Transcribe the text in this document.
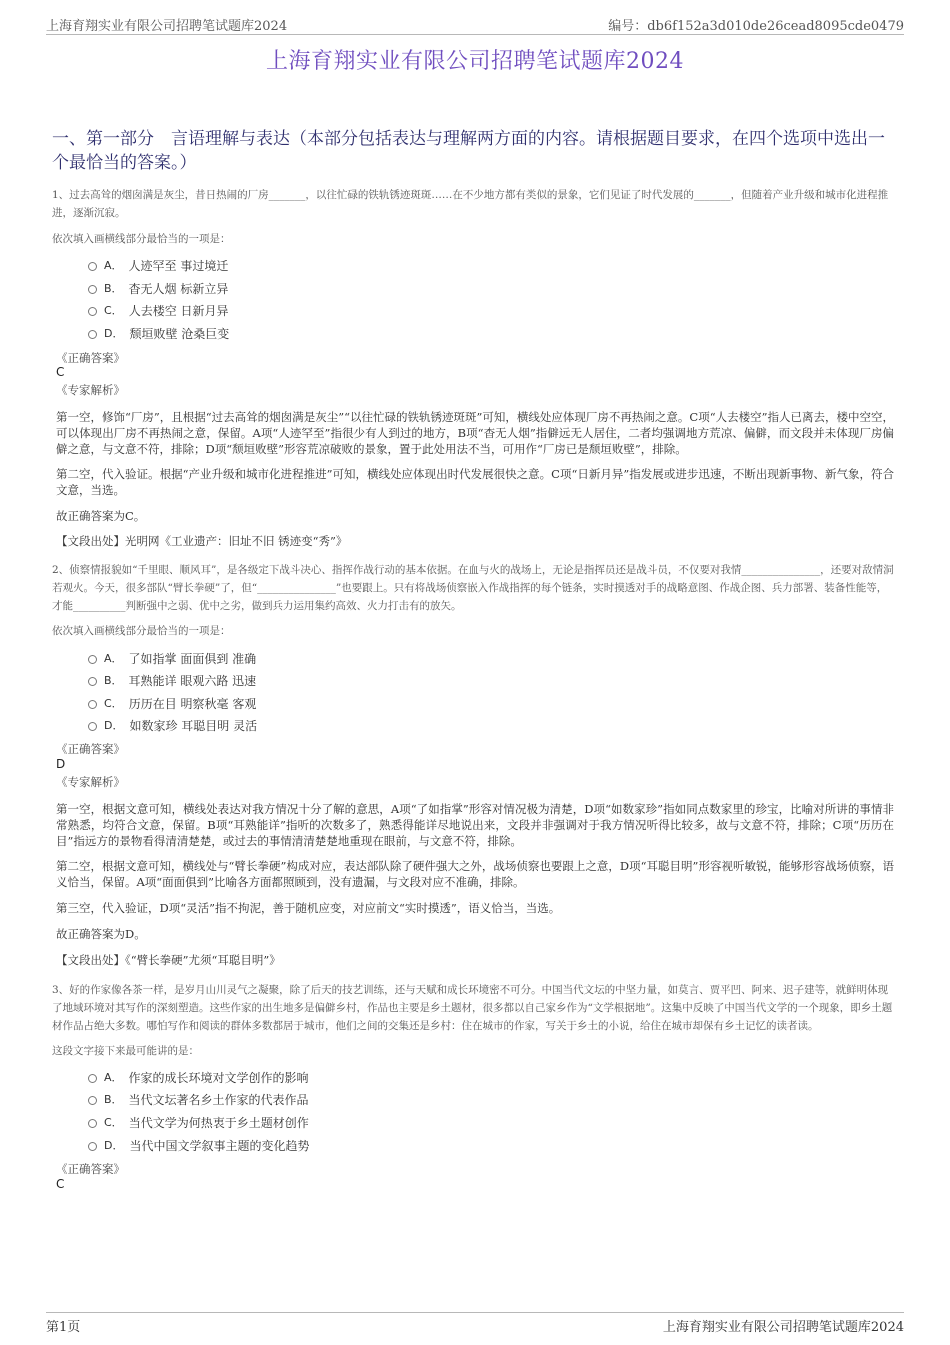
上海育翔实业有限公司招聘笔试题库2024	编号：db6f152a3d010de26cead8095cde0479
上海育翔实业有限公司招聘笔试题库2024
一、第一部分　言语理解与表达（本部分包括表达与理解两方面的内容。请根据题目要求，在四个选项中选出一个最恰当的答案。）

1、过去高耸的烟囱满是灰尘，昔日热闹的厂房_______，以往忙碌的铁轨锈迹斑斑……在不少地方都有类似的景象，它们见证了时代发展的_______，但随着产业升级和城市化进程推进，逐渐沉寂。

依次填入画横线部分最恰当的一项是：

A． 人迹罕至 事过境迁
B． 杳无人烟 标新立异
C． 人去楼空 日新月异
D． 颓垣败壁 沧桑巨变

《正确答案》

C

《专家解析》

第一空，修饰“厂房”，且根据“过去高耸的烟囱满是灰尘”“以往忙碌的铁轨锈迹斑斑”可知，横线处应体现厂房不再热闹之意。C项“人去楼空”指人已离去，楼中空空，可以体现出厂房不再热闹之意，保留。A项“人迹罕至”指很少有人到过的地方，B项“杳无人烟”指僻远无人居住，二者均强调地方荒凉、偏僻，而文段并未体现厂房偏僻之意，与文意不符，排除；D项“颓垣败壁”形容荒凉破败的景象，置于此处用法不当，可用作“厂房已是颓垣败壁”，排除。

第二空，代入验证。根据“产业升级和城市化进程推进”可知，横线处应体现出时代发展很快之意。C项“日新月异”指发展或进步迅速，不断出现新事物、新气象，符合文意，当选。

故正确答案为C。

【文段出处】光明网《工业遗产：旧址不旧 锈迹变“秀”》

2、侦察情报貌如“千里眼、顺风耳”，是各级定下战斗决心、指挥作战行动的基本依据。在血与火的战场上，无论是指挥员还是战斗员，不仅要对我情_______________，还要对敌情洞若观火。今天，很多部队“臂长拳硬”了，但“_______________”也要跟上。只有将战场侦察嵌入作战指挥的每个链条，实时摸透对手的战略意图、作战企图、兵力部署、装备性能等，才能__________判断强中之弱、优中之劣，做到兵力运用集约高效、火力打击有的放矢。

依次填入画横线部分最恰当的一项是：

A． 了如指掌 面面俱到 准确
B． 耳熟能详 眼观六路 迅速
C． 历历在目 明察秋毫 客观
D． 如数家珍 耳聪目明 灵活

《正确答案》

D

《专家解析》

第一空，根据文意可知，横线处表达对我方情况十分了解的意思，A项“了如指掌”形容对情况极为清楚，D项“如数家珍”指如同点数家里的珍宝，比喻对所讲的事情非常熟悉，均符合文意，保留。B项“耳熟能详”指听的次数多了，熟悉得能详尽地说出来，文段并非强调对于我方情况听得比较多，故与文意不符，排除；C项“历历在目”指远方的景物看得清清楚楚，或过去的事情清清楚楚地重现在眼前，与文意不符，排除。

第二空，根据文意可知，横线处与“臂长拳硬”构成对应，表达部队除了硬件强大之外，战场侦察也要跟上之意，D项“耳聪目明”形容视听敏锐，能够形容战场侦察，语义恰当，保留。A项“面面俱到”比喻各方面都照顾到，没有遗漏，与文段对应不准确，排除。

第三空，代入验证，D项“灵活”指不拘泥，善于随机应变，对应前文“实时摸透”，语义恰当，当选。

故正确答案为D。

【文段出处】《“臂长拳硬”尤须“耳聪目明”》

3、好的作家像各茶一样，是岁月山川灵气之凝聚，除了后天的技艺训练，还与天赋和成长环境密不可分。中国当代文坛的中坚力量，如莫言、贾平凹、阿来、迟子建等，就鲜明体现了地域环境对其写作的深刻塑造。这些作家的出生地多是偏僻乡村，作品也主要是乡土题材，很多都以自己家乡作为“文学根据地”。这集中反映了中国当代文学的一个现象，即乡土题材作品占绝大多数。哪怕写作和阅读的群体多数都居于城市，他们之间的交集还是乡村：住在城市的作家，写关于乡土的小说，给住在城市却保有乡土记忆的读者读。

这段文字接下来最可能讲的是：

A． 作家的成长环境对文学创作的影响
B． 当代文坛著名乡土作家的代表作品
C． 当代文学为何热衷于乡土题材创作
D． 当代中国文学叙事主题的变化趋势

《正确答案》

C

第1页	上海育翔实业有限公司招聘笔试题库2024
